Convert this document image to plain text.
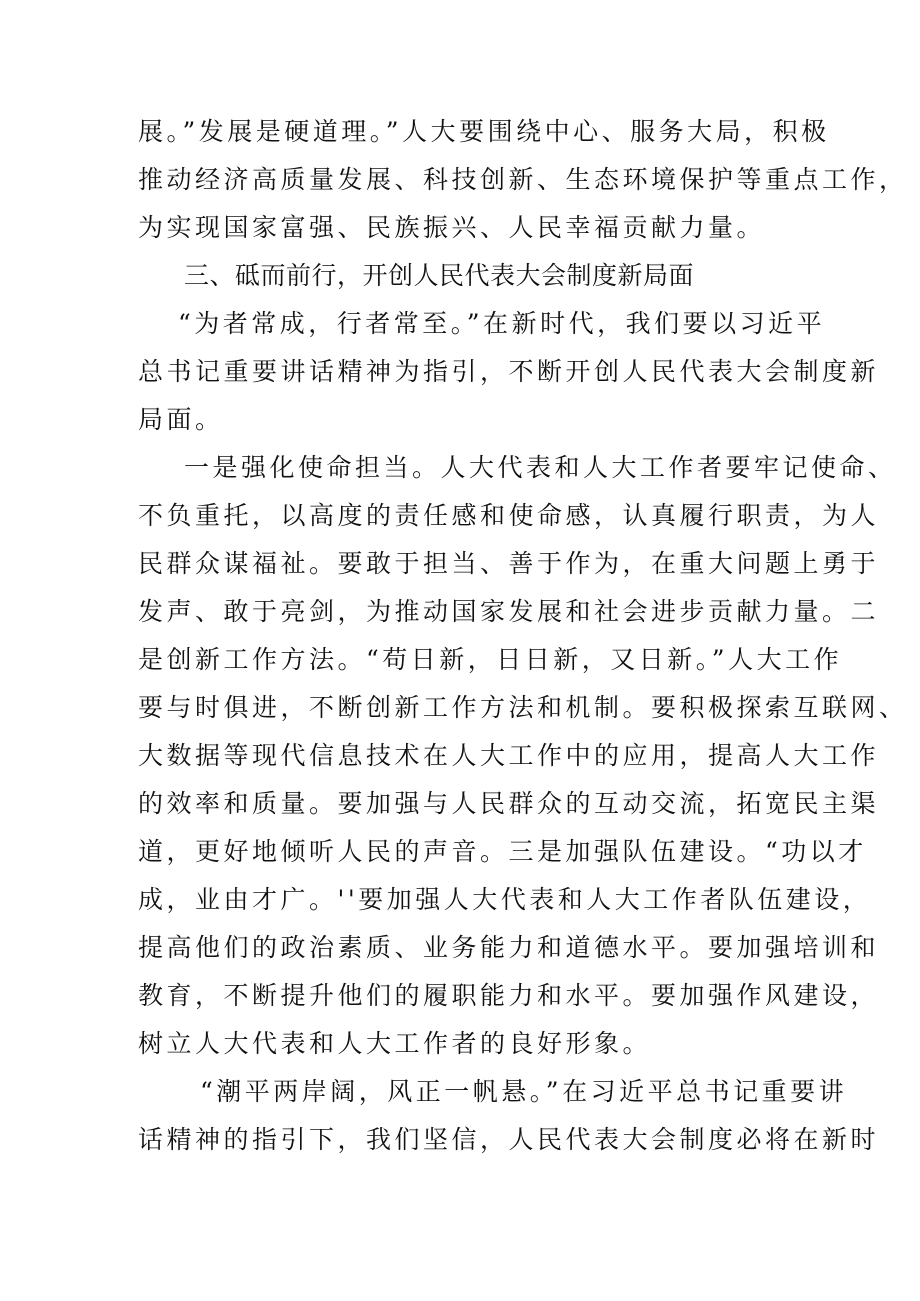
展。”发展是硬道理。”人大要围绕中心、服务大局，积极
推动经济高质量发展、科技创新、生态环境保护等重点工作，
为实现国家富强、民族振兴、人民幸福贡献力量。
三、砥而前行，开创人民代表大会制度新局面
“为者常成，行者常至。”在新时代，我们要以习近平
总书记重要讲话精神为指引，不断开创人民代表大会制度新
局面。
一是强化使命担当。人大代表和人大工作者要牢记使命、
不负重托，以高度的责任感和使命感，认真履行职责，为人
民群众谋福祉。要敢于担当、善于作为，在重大问题上勇于
发声、敢于亮剑，为推动国家发展和社会进步贡献力量。二
是创新工作方法。“苟日新，日日新，又日新。”人大工作
要与时俱进，不断创新工作方法和机制。要积极探索互联网、
大数据等现代信息技术在人大工作中的应用，提高人大工作
的效率和质量。要加强与人民群众的互动交流，拓宽民主渠
道，更好地倾听人民的声音。三是加强队伍建设。“功以才
成，业由才广。''要加强人大代表和人大工作者队伍建设，
提高他们的政治素质、业务能力和道德水平。要加强培训和
教育，不断提升他们的履职能力和水平。要加强作风建设，
树立人大代表和人大工作者的良好形象。
“潮平两岸阔，风正一帆悬。”在习近平总书记重要讲
话精神的指引下，我们坚信，人民代表大会制度必将在新时
